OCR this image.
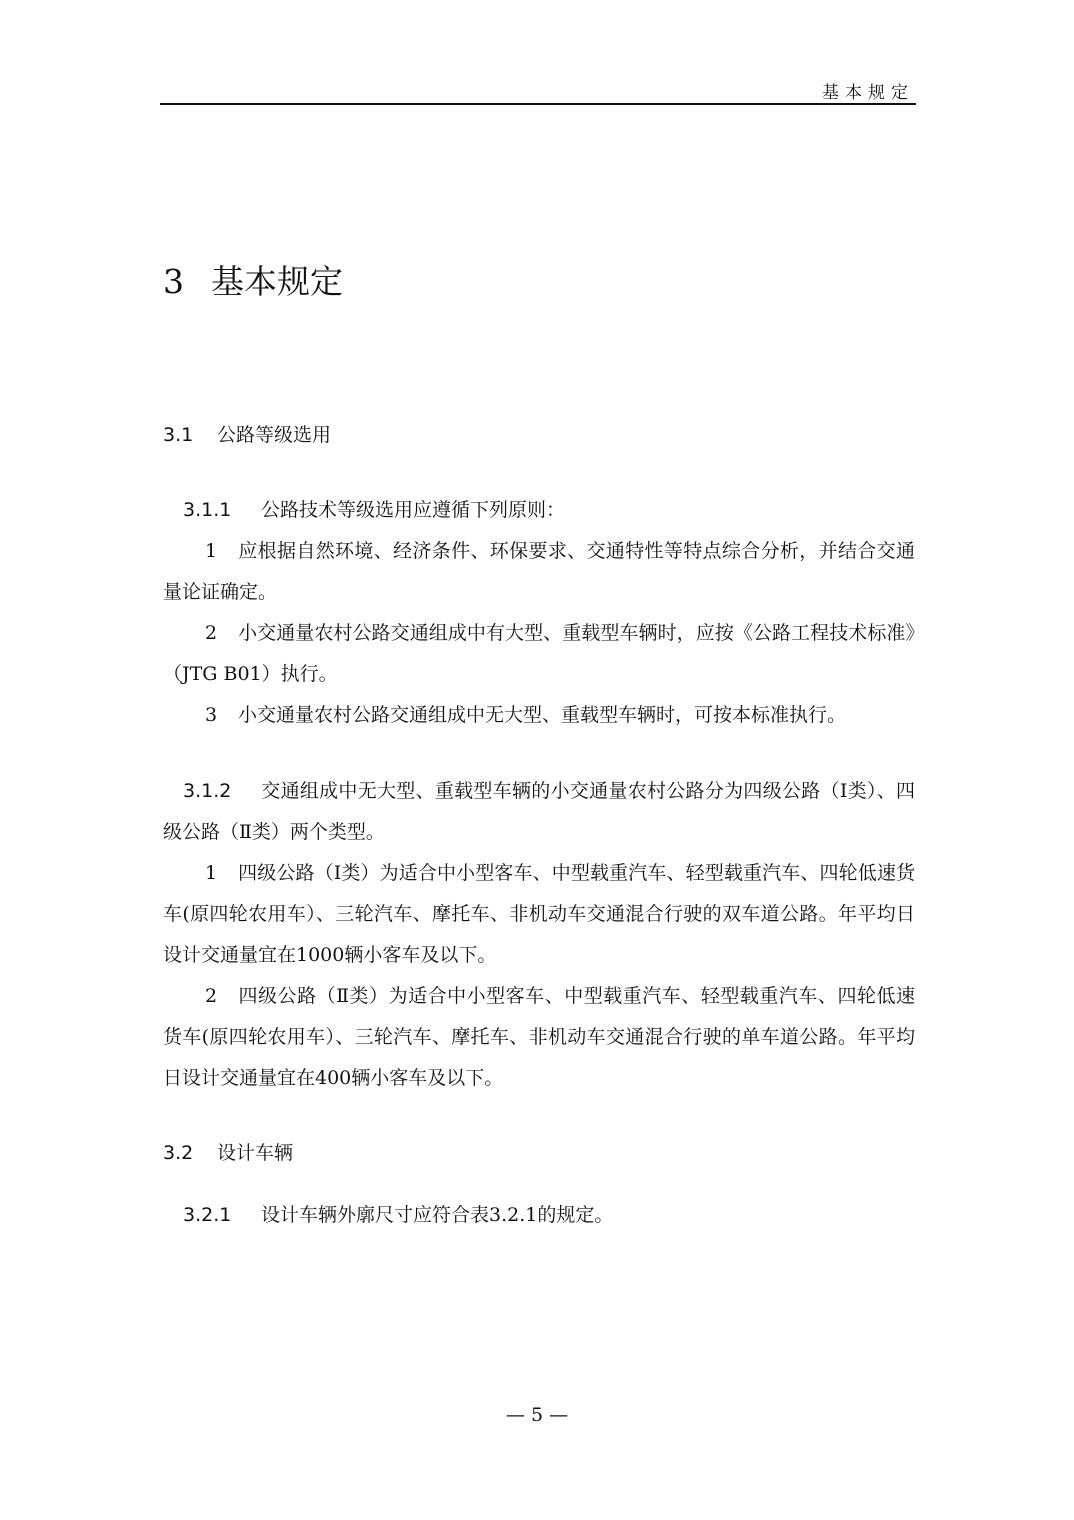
基本规定
3 基本规定
3.1 公路等级选用
3.1.1 公路技术等级选用应遵循下列原则：
1 应根据自然环境、经济条件、环保要求、交通特性等特点综合分析，并结合交通量论证确定。
2 小交通量农村公路交通组成中有大型、重载型车辆时，应按《公路工程技术标准》（JTG B01）执行。
3 小交通量农村公路交通组成中无大型、重载型车辆时，可按本标准执行。
3.1.2 交通组成中无大型、重载型车辆的小交通量农村公路分为四级公路（Ⅰ类）、四级公路（Ⅱ类）两个类型。
1 四级公路（Ⅰ类）为适合中小型客车、中型载重汽车、轻型载重汽车、四轮低速货车(原四轮农用车）、三轮汽车、摩托车、非机动车交通混合行驶的双车道公路。年平均日设计交通量宜在1000辆小客车及以下。
2 四级公路（Ⅱ类）为适合中小型客车、中型载重汽车、轻型载重汽车、四轮低速货车(原四轮农用车）、三轮汽车、摩托车、非机动车交通混合行驶的单车道公路。年平均日设计交通量宜在400辆小客车及以下。
3.2 设计车辆
3.2.1 设计车辆外廓尺寸应符合表3.2.1的规定。
— 5 —
